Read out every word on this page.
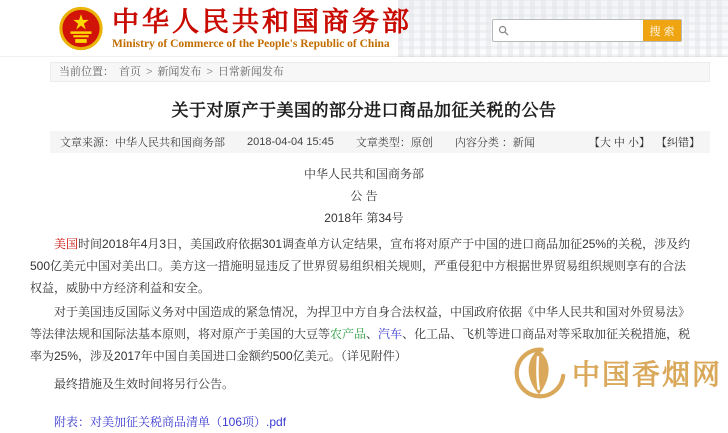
中华人民共和国商务部
Ministry of Commerce of the People's Republic of China
搜索
当前位置： 首页 > 新闻发布 > 日常新闻发布
关于对原产于美国的部分进口商品加征关税的公告
文章来源：中华人民共和国商务部 2018-04-04 15:45 文章类型：原创 内容分类 ：新闻	【大 中 小】 【纠错】
中华人民共和国商务部
公 告
2018年 第34号

美国时间2018年4月3日，美国政府依据301调查单方认定结果，宣布将对原产于中国的进口商品加征25%的关税，涉及约500亿美元中国对美出口。美方这一措施明显违反了世界贸易组织相关规则，严重侵犯中方根据世界贸易组织规则享有的合法权益，威胁中方经济利益和安全。

对于美国违反国际义务对中国造成的紧急情况，为捍卫中方自身合法权益，中国政府依据《中华人民共和国对外贸易法》等法律法规和国际法基本原则，将对原产于美国的大豆等农产品、汽车、化工品、飞机等进口商品对等采取加征关税措施，税率为25%，涉及2017年中国自美国进口金额约500亿美元。（详见附件）

最终措施及生效时间将另行公告。

附表：对美加征关税商品清单（106项）.pdf

中国香烟网
